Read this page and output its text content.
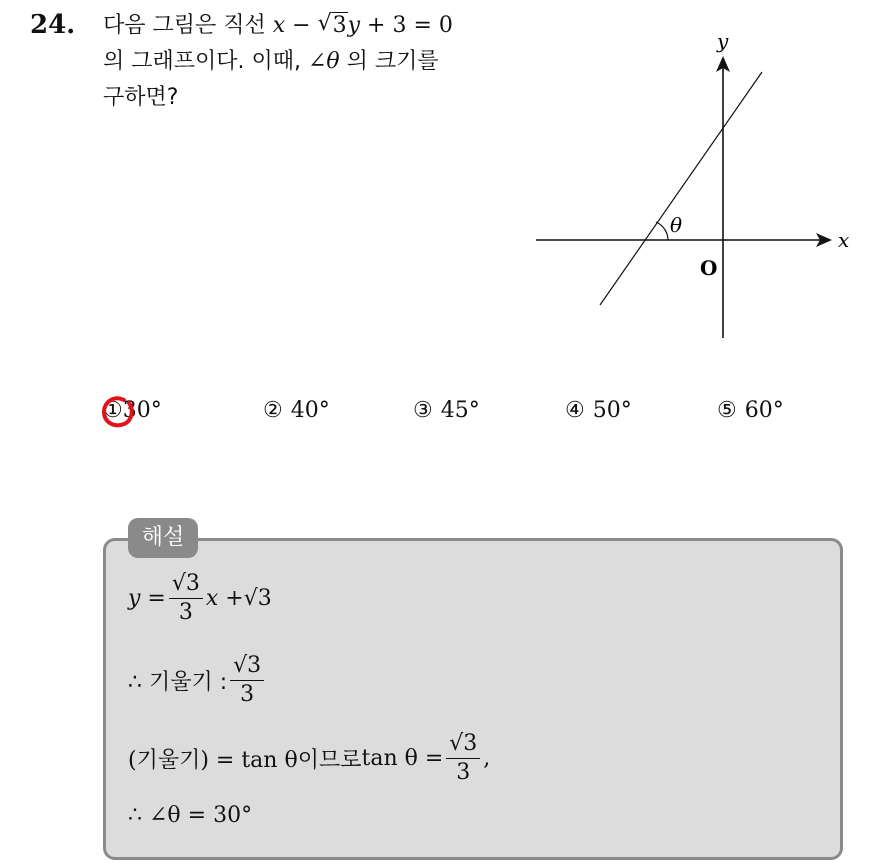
24. 다음 그림은 직선 x − √ 3y + 3 = 0
의 그래프이다. 이때, ∠θ 의 크기를
구하면?
θ
x
y
O
①30°	② 40°	③ 45°	④ 50°	⑤ 60°
$y = \frac{√3}{3}$ x + √3
∴ 기울기 : $\frac{√3}{3}$
(기울기) = tan θ 이므로 $\tan \theta = \frac{√3}{3}$ ,
∴ ∠θ = 30°
해설
